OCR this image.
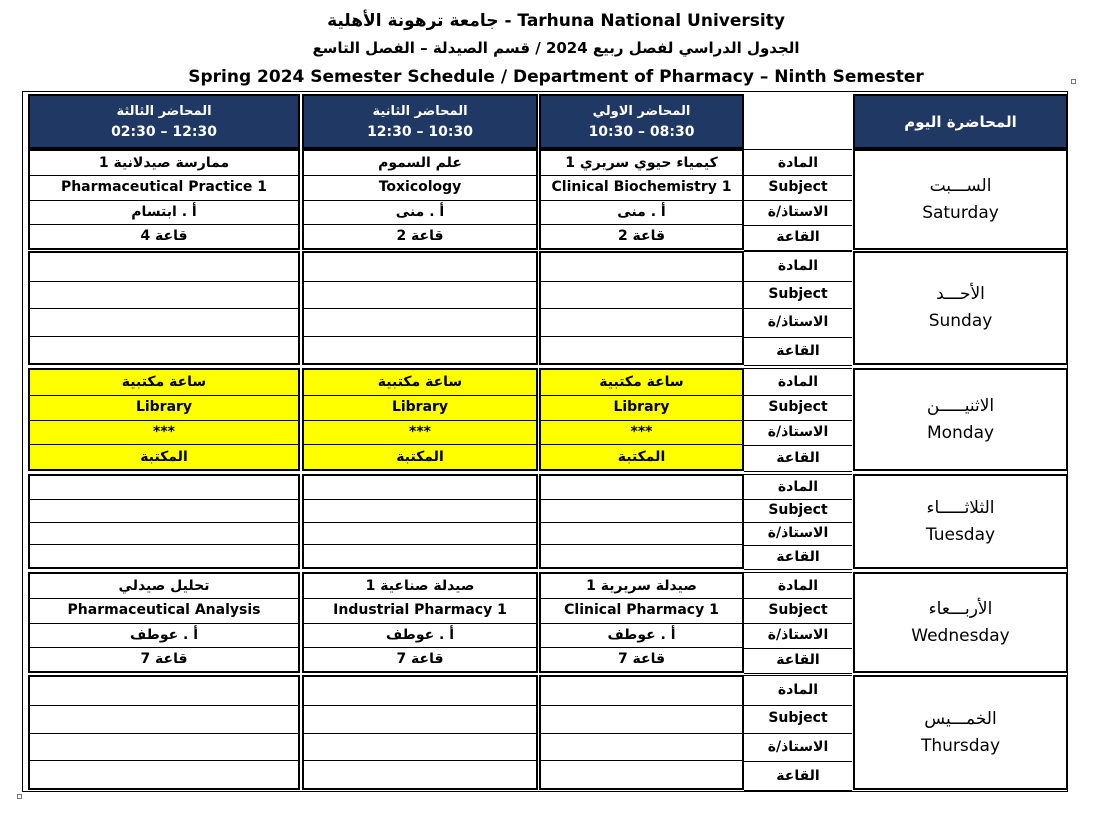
جامعة ترهونة الأهلية - Tarhuna National University
الجدول الدراسي لفصل ربيع 2024 / قسم الصيدلة – الفصل التاسع
Spring 2024 Semester Schedule / Department of Pharmacy – Ninth Semester
المحاضر الثالثة
02:30 – 12:30
المحاضر الثانية
12:30 – 10:30
المحاضر الاولي
10:30 – 08:30
المحاضرة اليوم
ممارسة صيدلانية 1
Pharmaceutical Practice 1
أ . ابتسام
قاعة 4
علم السموم
Toxicology
أ . منى
قاعة 2
كيمياء حيوي سريري 1
Clinical Biochemistry 1
أ . منى
قاعة 2
المادة
Subject
الاستاذ/ة
القاعة
الســـبت
Saturday
المادة
Subject
الاستاذ/ة
القاعة
الأحـــد
Sunday
ساعة مكتبية
Library
***
المكتبة
ساعة مكتبية
Library
***
المكتبة
ساعة مكتبية
Library
***
المكتبة
المادة
Subject
الاستاذ/ة
القاعة
الاثنيـــــن
Monday
المادة
Subject
الاستاذ/ة
القاعة
الثلاثـــــاء
Tuesday
تحليل صيدلي
Pharmaceutical Analysis
أ . عوطف
قاعة 7
صيدلة صناعية 1
Industrial Pharmacy 1
أ . عوطف
قاعة 7
صيدلة سريرية 1
Clinical Pharmacy 1
أ . عوطف
قاعة 7
المادة
Subject
الاستاذ/ة
القاعة
الأربـــعاء
Wednesday
المادة
Subject
الاستاذ/ة
القاعة
الخمـــيس
Thursday
